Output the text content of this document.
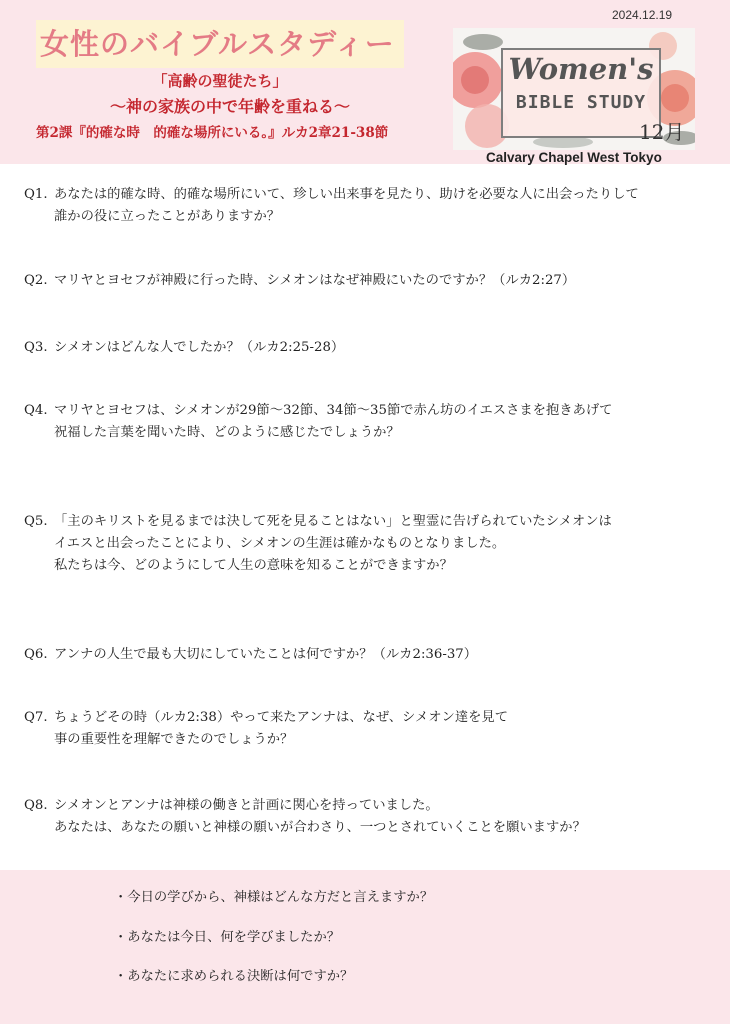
2024.12.19
女性のバイブルスタディー
「高齢の聖徒たち」
〜神の家族の中で年齢を重ねる〜
第2課『的確な時　的確な場所にいる。』ルカ2章21-38節
Women's
BIBLE STUDY
12月
Calvary Chapel West Tokyo
Q1. あなたは的確な時、的確な場所にいて、珍しい出来事を見たり、助けを必要な人に出会ったりして
誰かの役に立ったことがありますか？
Q2. マリヤとヨセフが神殿に行った時、シメオンはなぜ神殿にいたのですか？（ルカ2:27）
Q3. シメオンはどんな人でしたか？（ルカ2:25-28）
Q4. マリヤとヨセフは、シメオンが29節〜32節、34節〜35節で赤ん坊のイエスさまを抱きあげて
祝福した言葉を聞いた時、どのように感じたでしょうか？
Q5. 「主のキリストを見るまでは決して死を見ることはない」と聖霊に告げられていたシメオンは
イエスと出会ったことにより、シメオンの生涯は確かなものとなりました。
私たちは今、どのようにして人生の意味を知ることができますか？
Q6. アンナの人生で最も大切にしていたことは何ですか？（ルカ2:36-37）
Q7. ちょうどその時（ルカ2:38）やって来たアンナは、なぜ、シメオン達を見て
事の重要性を理解できたのでしょうか？
Q8. シメオンとアンナは神様の働きと計画に関心を持っていました。
あなたは、あなたの願いと神様の願いが合わさり、一つとされていくことを願いますか？
・今日の学びから、神様はどんな方だと言えますか？
・あなたは今日、何を学びましたか？
・あなたに求められる決断は何ですか？
